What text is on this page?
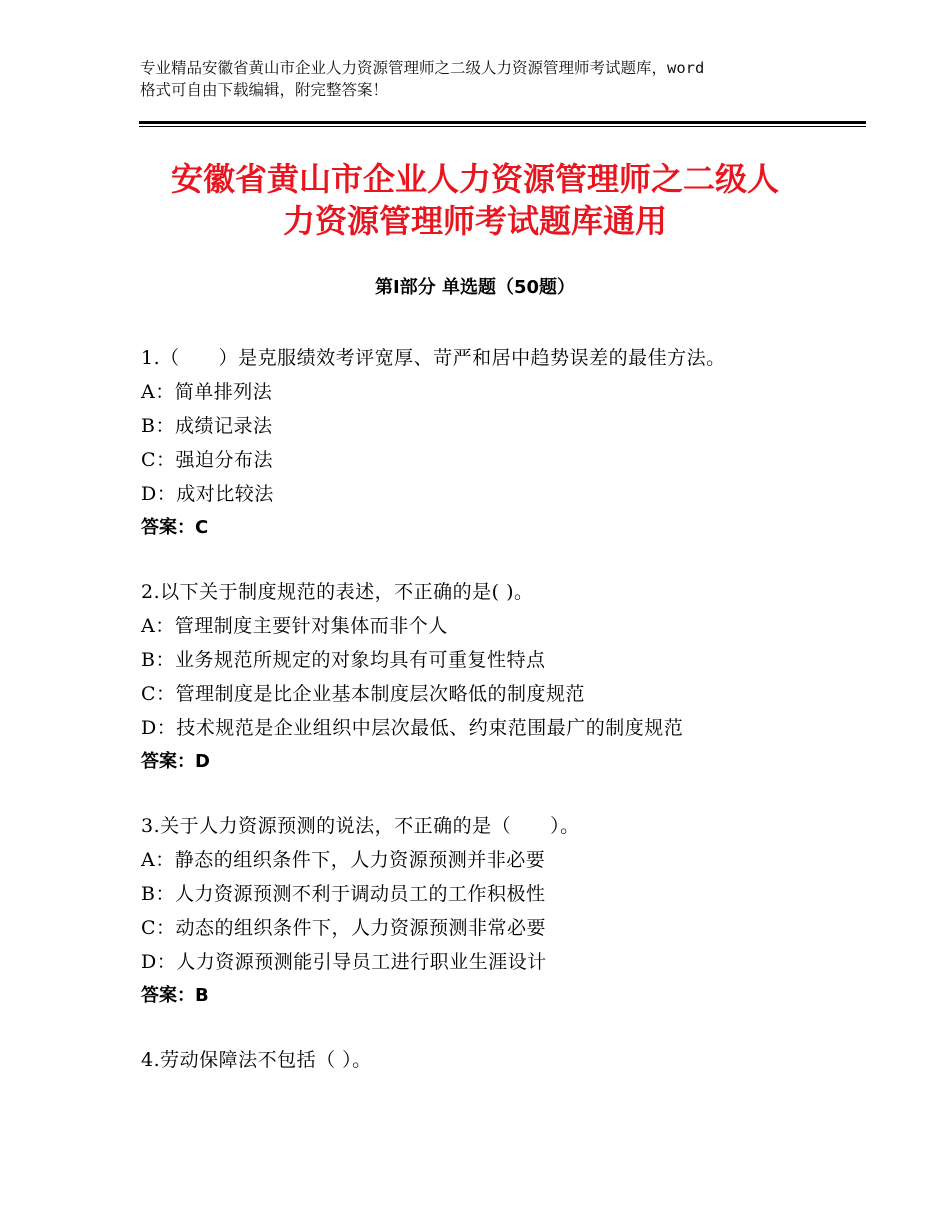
专业精品安徽省黄山市企业人力资源管理师之二级人力资源管理师考试题库，word
格式可自由下载编辑，附完整答案！
安徽省黄山市企业人力资源管理师之二级人
力资源管理师考试题库通用
第Ⅰ部分 单选题（50题）
1.（　　）是克服绩效考评宽厚、苛严和居中趋势误差的最佳方法。
A：简单排列法
B：成绩记录法
C：强迫分布法
D：成对比较法
答案：C
2.以下关于制度规范的表述，不正确的是( )。
A：管理制度主要针对集体而非个人
B：业务规范所规定的对象均具有可重复性特点
C：管理制度是比企业基本制度层次略低的制度规范
D：技术规范是企业组织中层次最低、约束范围最广的制度规范
答案：D
3.关于人力资源预测的说法，不正确的是（　　）。
A：静态的组织条件下，人力资源预测并非必要
B：人力资源预测不利于调动员工的工作积极性
C：动态的组织条件下，人力资源预测非常必要
D：人力资源预测能引导员工进行职业生涯设计
答案：B
4.劳动保障法不包括（ ）。
